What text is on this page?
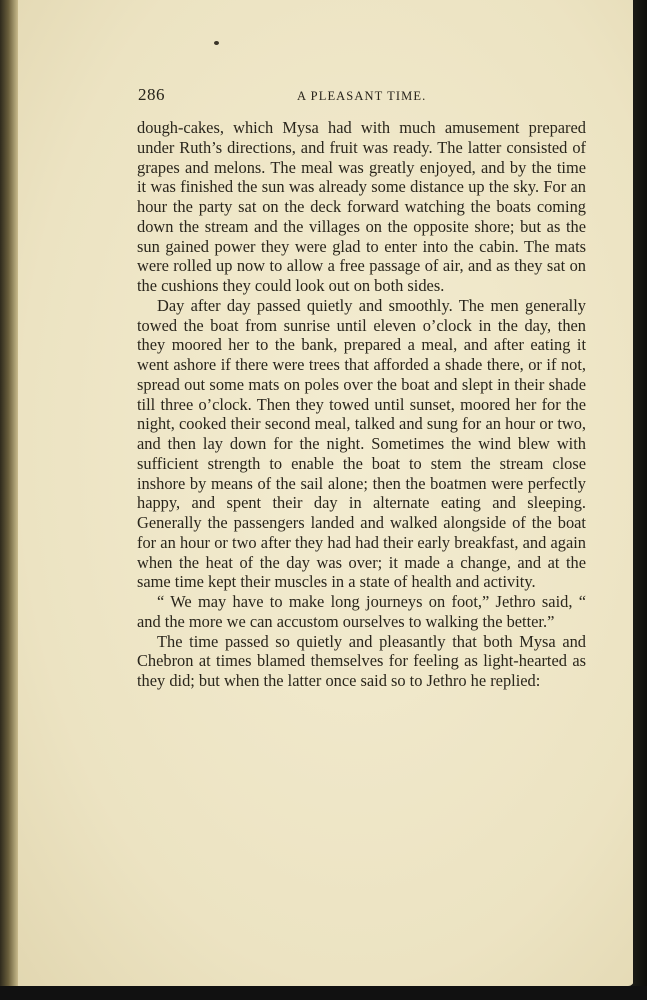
286	A PLEASANT TIME.

dough-cakes, which Mysa had with much amusement prepared under Ruth’s directions, and fruit was ready. The latter consisted of grapes and melons. The meal was greatly enjoyed, and by the time it was finished the sun was already some distance up the sky. For an hour the party sat on the deck forward watching the boats coming down the stream and the villages on the opposite shore; but as the sun gained power they were glad to enter into the cabin. The mats were rolled up now to allow a free passage of air, and as they sat on the cushions they could look out on both sides.

Day after day passed quietly and smoothly. The men generally towed the boat from sunrise until eleven o’clock in the day, then they moored her to the bank, prepared a meal, and after eating it went ashore if there were trees that afforded a shade there, or if not, spread out some mats on poles over the boat and slept in their shade till three o’clock. Then they towed until sunset, moored her for the night, cooked their second meal, talked and sung for an hour or two, and then lay down for the night. Sometimes the wind blew with sufficient strength to enable the boat to stem the stream close inshore by means of the sail alone; then the boatmen were perfectly happy, and spent their day in alternate eating and sleeping. Generally the passengers landed and walked alongside of the boat for an hour or two after they had had their early breakfast, and again when the heat of the day was over; it made a change, and at the same time kept their muscles in a state of health and activity.

“ We may have to make long journeys on foot,” Jethro said, “ and the more we can accustom ourselves to walking the better.”

The time passed so quietly and pleasantly that both Mysa and Chebron at times blamed themselves for feeling as light-hearted as they did; but when the latter once said so to Jethro he replied:
